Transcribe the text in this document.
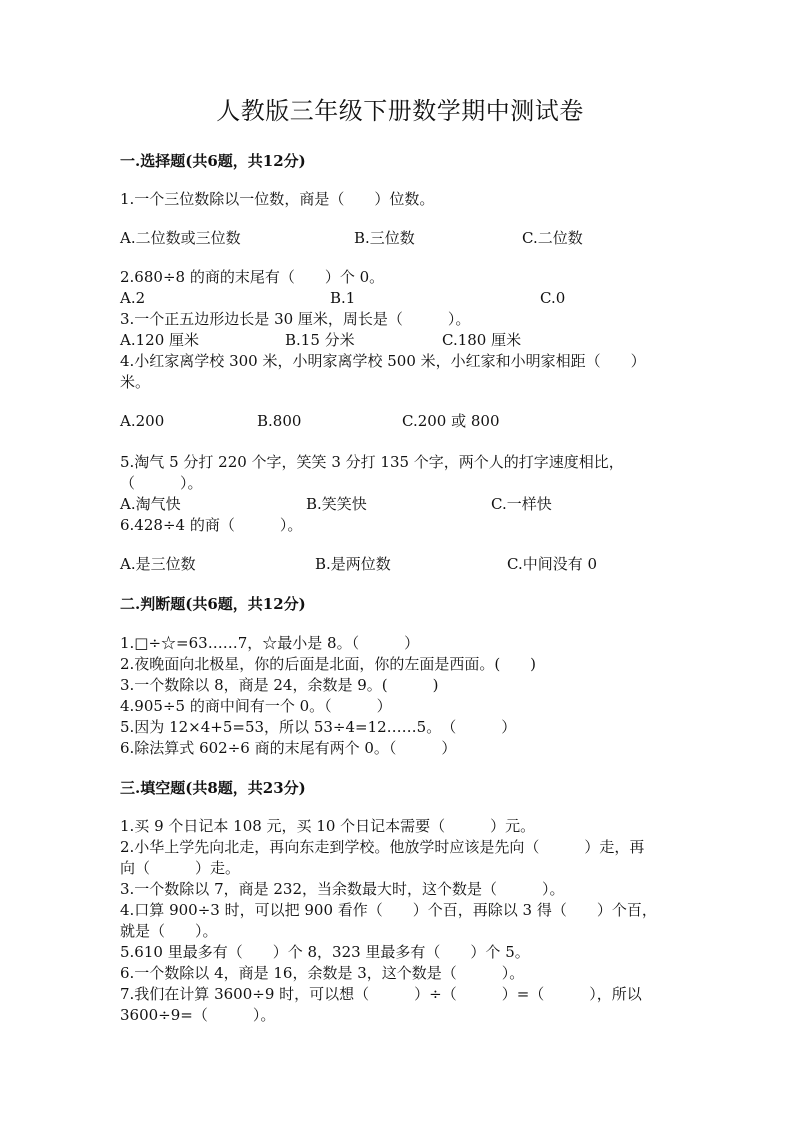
人教版三年级下册数学期中测试卷
一.选择题(共6题，共12分)
1.一个三位数除以一位数，商是（　　）位数。
A.二位数或三位数	B.三位数	C.二位数
2.680÷8 的商的末尾有（　　）个 0。
A.2	B.1	C.0
3.一个正五边形边长是 30 厘米，周长是（　　　）。
A.120 厘米	B.15 分米	C.180 厘米
4.小红家离学校 300 米，小明家离学校 500 米，小红家和小明家相距（　　）
米。
A.200	B.800	C.200 或 800
5.淘气 5 分打 220 个字，笑笑 3 分打 135 个字，两个人的打字速度相比，
（　　　）。
A.淘气快	B.笑笑快	C.一样快
6.428÷4 的商（　　　）。
A.是三位数	B.是两位数	C.中间没有 0
二.判断题(共6题，共12分)
1.□÷☆=63……7，☆最小是 8。（　　　）
2.夜晚面向北极星，你的后面是北面，你的左面是西面。(　　)
3.一个数除以 8，商是 24，余数是 9。(　　　)
4.905÷5 的商中间有一个 0。（　　　）
5.因为 12×4+5=53，所以 53÷4=12……5。　（　　　）
6.除法算式 602÷6 商的末尾有两个 0。（　　　）
三.填空题(共8题，共23分)
1.买 9 个日记本 108 元，买 10 个日记本需要（　　　）元。
2.小华上学先向北走，再向东走到学校。他放学时应该是先向（　　　）走，再
向（　　　）走。
3.一个数除以 7，商是 232，当余数最大时，这个数是（　　　）。
4.口算 900÷3 时，可以把 900 看作（　　）个百，再除以 3 得（　　）个百，
就是（　　）。
5.610 里最多有（　　）个 8，323 里最多有（　　）个 5。
6.一个数除以 4，商是 16，余数是 3，这个数是（　　　）。
7.我们在计算 3600÷9 时，可以想（　　　）÷（　　　）=（　　　），所以
3600÷9=（　　　）。
